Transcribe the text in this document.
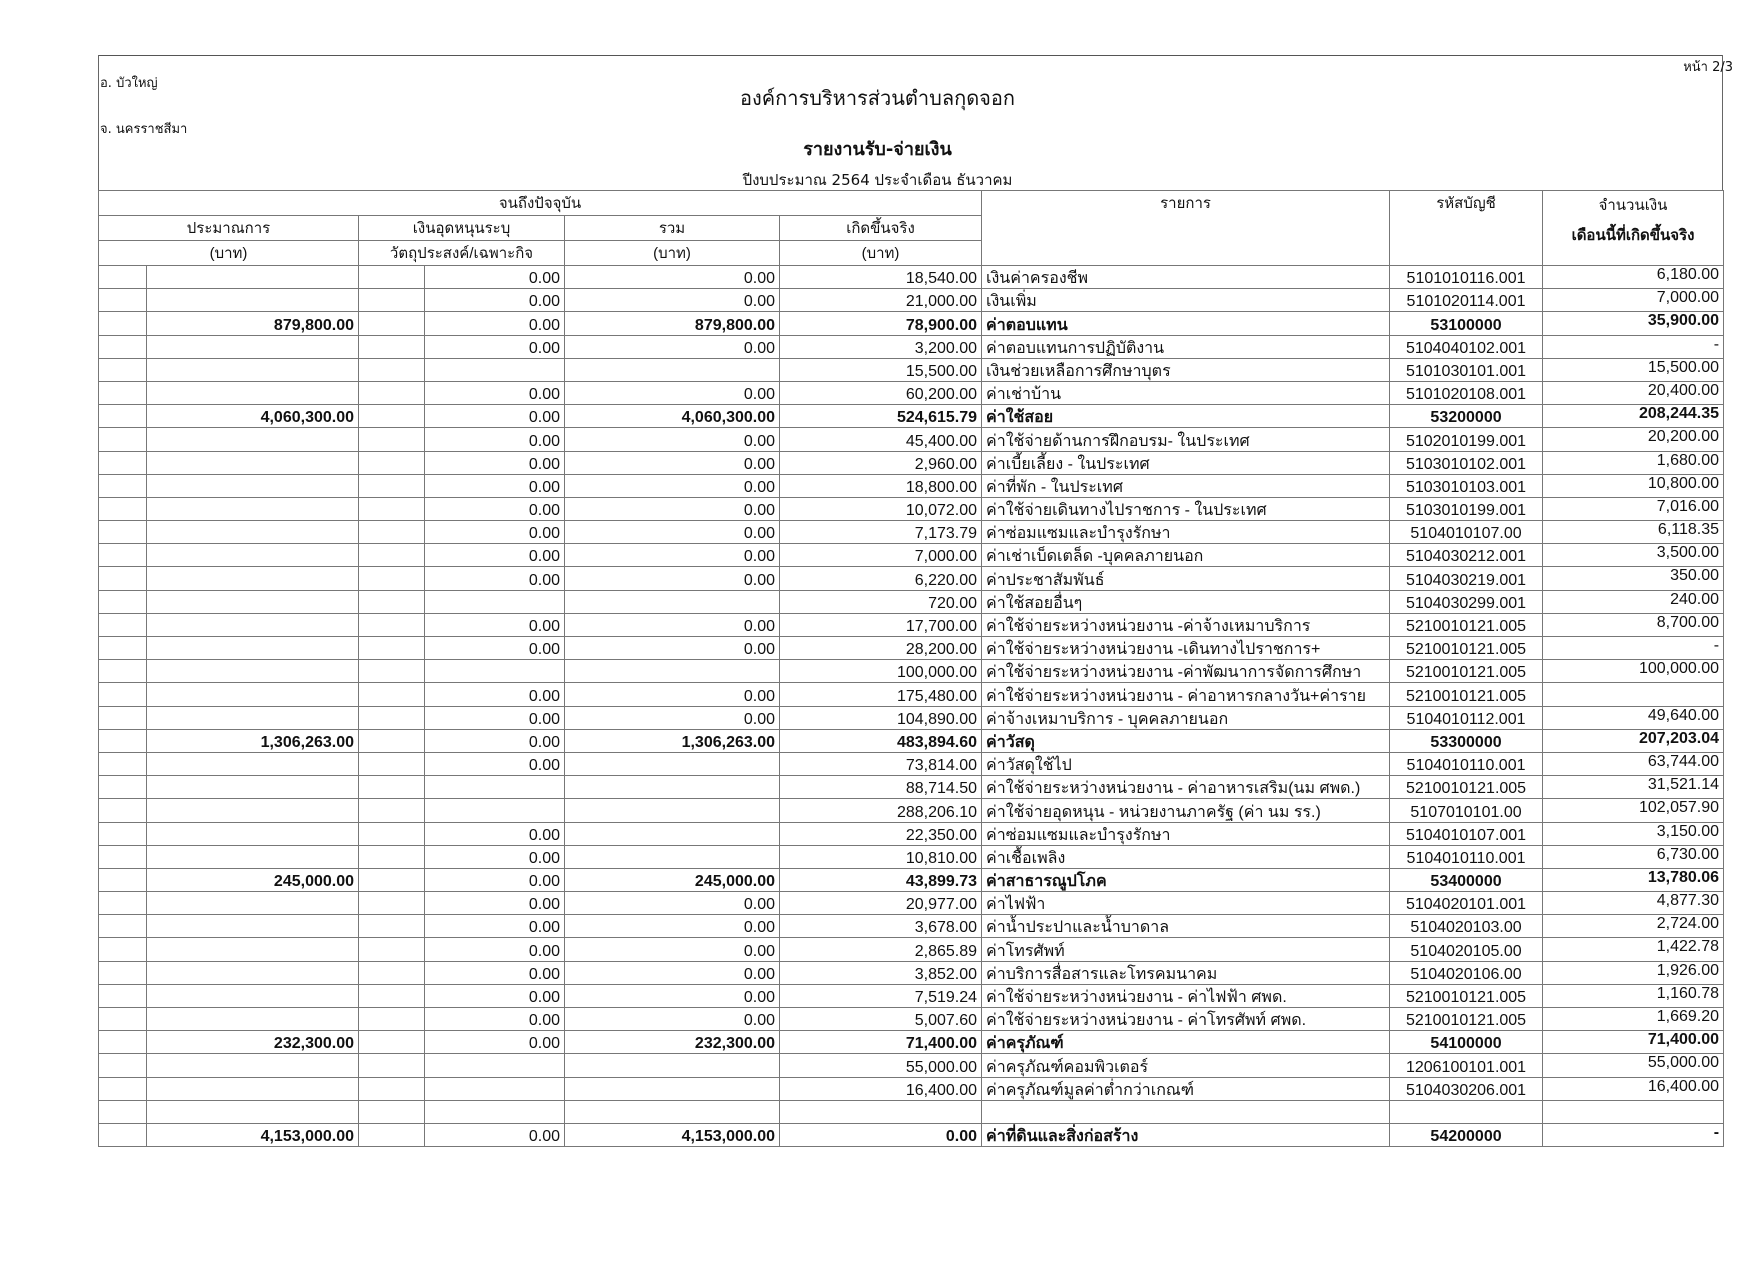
อ. บัวใหญ่
จ. นครราชสีมา
หน้า 2/3
องค์การบริหารส่วนตำบลกุดจอก
รายงานรับ-จ่ายเงิน
ปีงบประมาณ 2564 ประจำเดือน ธันวาคม
จนถึงปัจจุบัน						รายการ	รหัสบัญชี	จำนวนเงิน
เดือนนี้ที่เกิดขึ้นจริง

ประมาณการ		เงินอุดหนุนระบุ		รวม	เกิดขึ้นจริง			
(บาท)		วัตถุประสงค์/เฉพาะกิจ		(บาท)	(บาท)			
			0.00	0.00	18,540.00	เงินค่าครองชีพ	5101010116.001	6,180.00
			0.00	0.00	21,000.00	เงินเพิ่ม	5101020114.001	7,000.00
	879,800.00		0.00	879,800.00	78,900.00	ค่าตอบแทน	53100000	35,900.00
			0.00	0.00	3,200.00	ค่าตอบแทนการปฏิบัติงาน	5104040102.001	-
					15,500.00	เงินช่วยเหลือการศึกษาบุตร	5101030101.001	15,500.00
			0.00	0.00	60,200.00	ค่าเช่าบ้าน	5101020108.001	20,400.00
	4,060,300.00		0.00	4,060,300.00	524,615.79	ค่าใช้สอย	53200000	208,244.35
			0.00	0.00	45,400.00	ค่าใช้จ่ายด้านการฝึกอบรม- ในประเทศ	5102010199.001	20,200.00
			0.00	0.00	2,960.00	ค่าเบี้ยเลี้ยง - ในประเทศ	5103010102.001	1,680.00
			0.00	0.00	18,800.00	ค่าที่พัก - ในประเทศ	5103010103.001	10,800.00
			0.00	0.00	10,072.00	ค่าใช้จ่ายเดินทางไปราชการ - ในประเทศ	5103010199.001	7,016.00
			0.00	0.00	7,173.79	ค่าซ่อมแซมและบำรุงรักษา	5104010107.00	6,118.35
			0.00	0.00	7,000.00	ค่าเช่าเบ็ดเตล็ด -บุคคลภายนอก	5104030212.001	3,500.00
			0.00	0.00	6,220.00	ค่าประชาสัมพันธ์	5104030219.001	350.00
					720.00	ค่าใช้สอยอื่นๆ	5104030299.001	240.00
			0.00	0.00	17,700.00	ค่าใช้จ่ายระหว่างหน่วยงาน -ค่าจ้างเหมาบริการ	5210010121.005	8,700.00
			0.00	0.00	28,200.00	ค่าใช้จ่ายระหว่างหน่วยงาน -เดินทางไปราชการ+	5210010121.005	-
					100,000.00	ค่าใช้จ่ายระหว่างหน่วยงาน -ค่าพัฒนาการจัดการศึกษา	5210010121.005	100,000.00
			0.00	0.00	175,480.00	ค่าใช้จ่ายระหว่างหน่วยงาน - ค่าอาหารกลางวัน+ค่าราย	5210010121.005	
			0.00	0.00	104,890.00	ค่าจ้างเหมาบริการ - บุคคลภายนอก	5104010112.001	49,640.00
	1,306,263.00		0.00	1,306,263.00	483,894.60	ค่าวัสดุ	53300000	207,203.04
			0.00		73,814.00	ค่าวัสดุใช้ไป	5104010110.001	63,744.00
					88,714.50	ค่าใช้จ่ายระหว่างหน่วยงาน - ค่าอาหารเสริม(นม ศพด.)	5210010121.005	31,521.14
					288,206.10	ค่าใช้จ่ายอุดหนุน - หน่วยงานภาครัฐ (ค่า นม รร.)	5107010101.00	102,057.90
			0.00		22,350.00	ค่าซ่อมแซมและบำรุงรักษา	5104010107.001	3,150.00
			0.00		10,810.00	ค่าเชื้อเพลิง	5104010110.001	6,730.00
	245,000.00		0.00	245,000.00	43,899.73	ค่าสาธารณูปโภค	53400000	13,780.06
			0.00	0.00	20,977.00	ค่าไฟฟ้า	5104020101.001	4,877.30
			0.00	0.00	3,678.00	ค่าน้ำประปาและน้ำบาดาล	5104020103.00	2,724.00
			0.00	0.00	2,865.89	ค่าโทรศัพท์	5104020105.00	1,422.78
			0.00	0.00	3,852.00	ค่าบริการสื่อสารและโทรคมนาคม	5104020106.00	1,926.00
			0.00	0.00	7,519.24	ค่าใช้จ่ายระหว่างหน่วยงาน - ค่าไฟฟ้า ศพด.	5210010121.005	1,160.78
			0.00	0.00	5,007.60	ค่าใช้จ่ายระหว่างหน่วยงาน - ค่าโทรศัพท์ ศพด.	5210010121.005	1,669.20
	232,300.00		0.00	232,300.00	71,400.00	ค่าครุภัณฑ์	54100000	71,400.00
					55,000.00	ค่าครุภัณฑ์คอมพิวเตอร์	1206100101.001	55,000.00
					16,400.00	ค่าครุภัณฑ์มูลค่าต่ำกว่าเกณฑ์	5104030206.001	16,400.00

	4,153,000.00		0.00	4,153,000.00	0.00	ค่าที่ดินและสิ่งก่อสร้าง	54200000	-
